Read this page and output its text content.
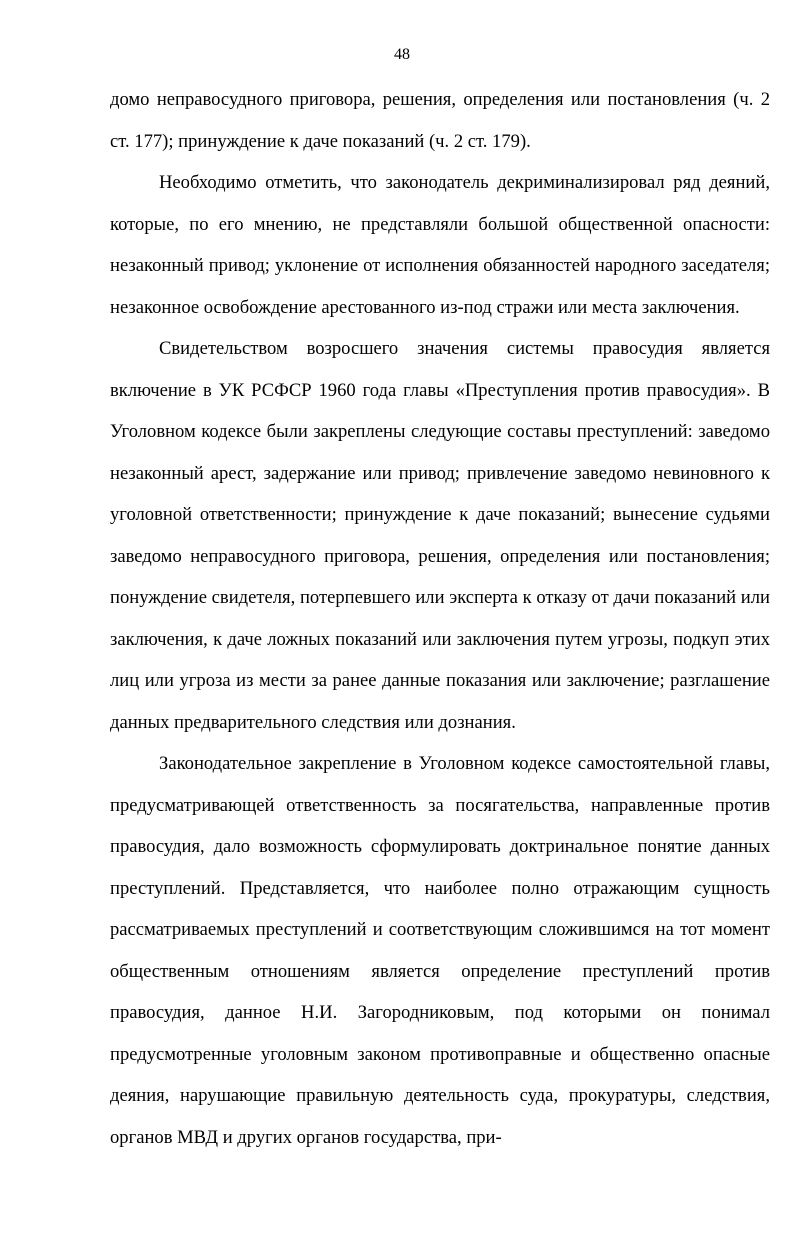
48

домо неправосудного приговора, решения, определения или постановления (ч. 2 ст. 177); принуждение к даче показаний (ч. 2 ст. 179).

Необходимо отметить, что законодатель декриминализировал ряд деяний, которые, по его мнению, не представляли большой общественной опасности: незаконный привод; уклонение от исполнения обязанностей народного заседателя; незаконное освобождение арестованного из-под стражи или места заключения.

Свидетельством возросшего значения системы правосудия является включение в УК РСФСР 1960 года главы «Преступления против правосудия». В Уголовном кодексе были закреплены следующие составы преступлений: заведомо незаконный арест, задержание или привод; привлечение заведомо невиновного к уголовной ответственности; принуждение к даче показаний; вынесение судьями заведомо неправосудного приговора, решения, определения или постановления; понуждение свидетеля, потерпевшего или эксперта к отказу от дачи показаний или заключения, к даче ложных показаний или заключения путем угрозы, подкуп этих лиц или угроза из мести за ранее данные показания или заключение; разглашение данных предварительного следствия или дознания.

Законодательное закрепление в Уголовном кодексе самостоятельной главы, предусматривающей ответственность за посягательства, направленные против правосудия, дало возможность сформулировать доктринальное понятие данных преступлений. Представляется, что наиболее полно отражающим сущность рассматриваемых преступлений и соответствующим сложившимся на тот момент общественным отношениям является определение преступлений против правосудия, данное Н.И. Загородниковым, под которыми он понимал предусмотренные уголовным законом противоправные и общественно опасные деяния, нарушающие правильную деятельность суда, прокуратуры, следствия, органов МВД и других органов государства, при-
